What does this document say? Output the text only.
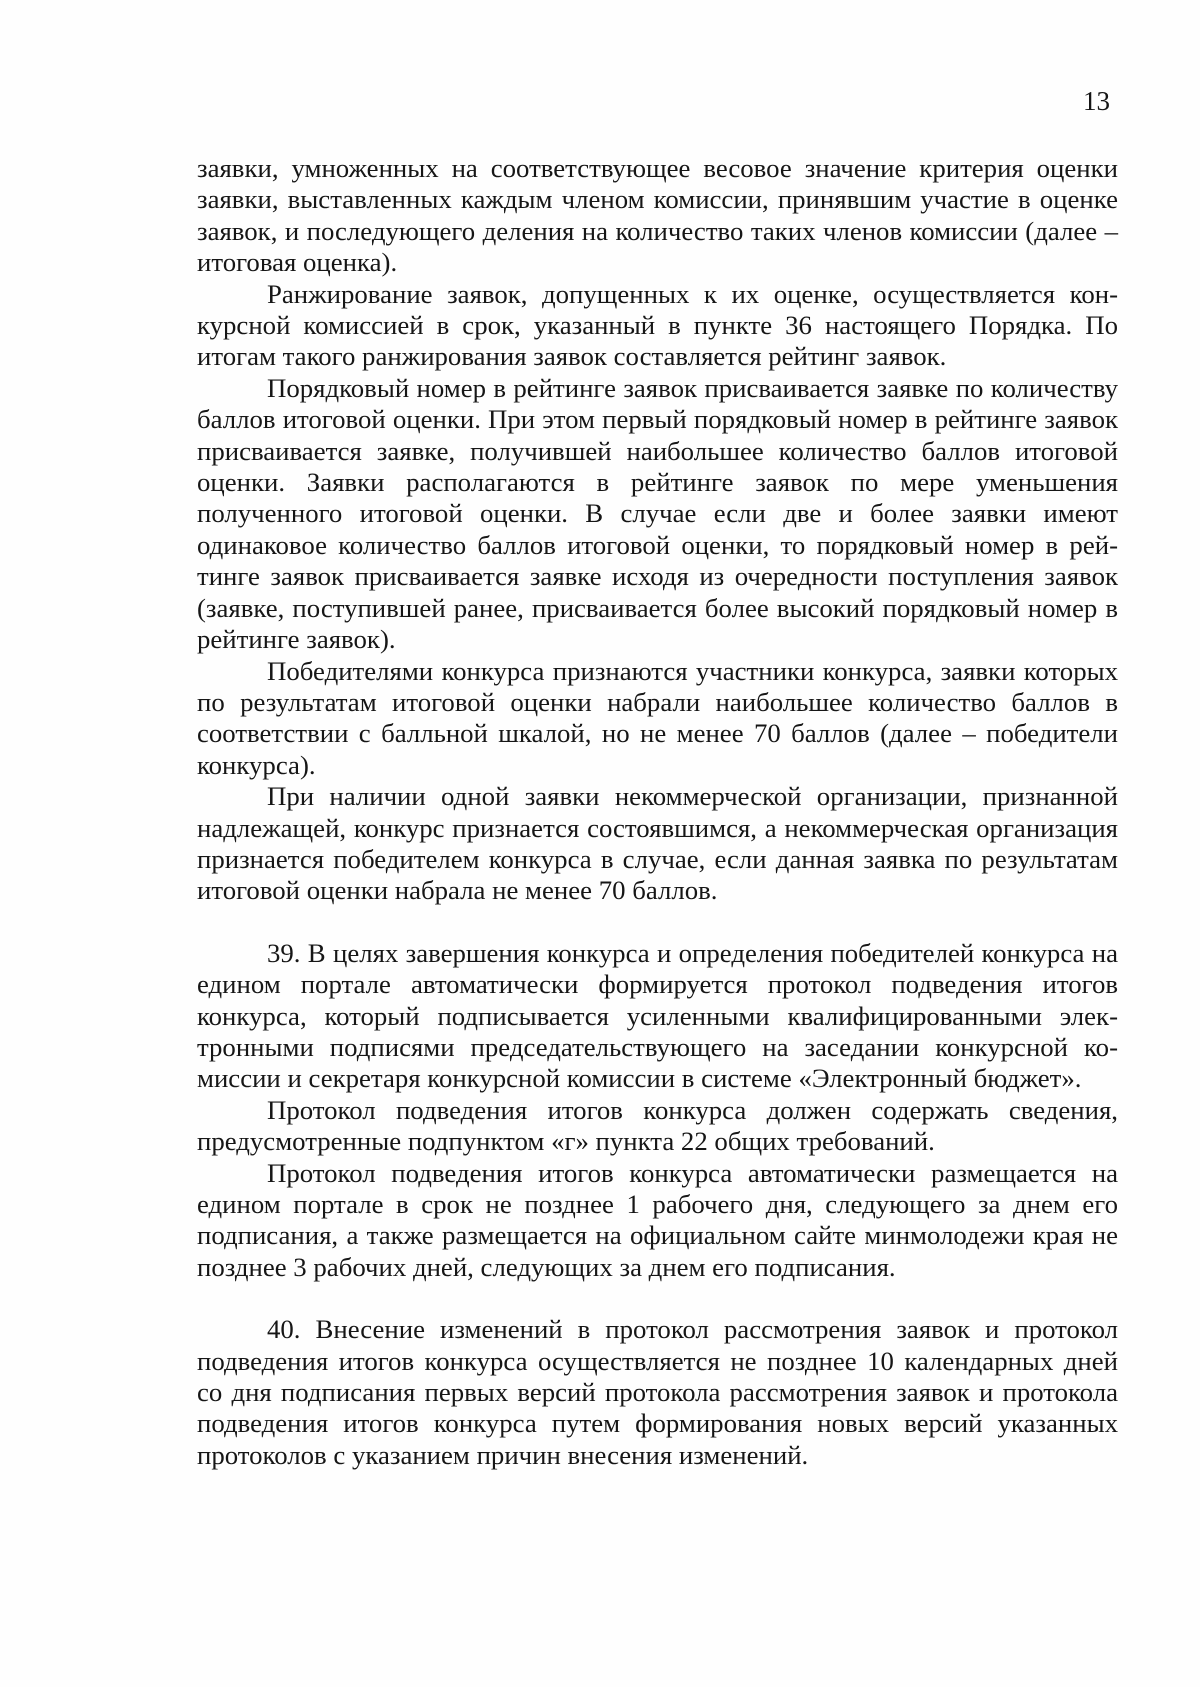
13

заявки, умноженных на соответствующее весовое значение критерия оценки заявки, выставленных каждым членом комиссии, принявшим участие в оценке заявок, и последующего деления на количество таких членов комиссии (далее – итоговая оценка).

Ранжирование заявок, допущенных к их оценке, осуществляется конкурсной комиссией в срок, указанный в пункте 36 настоящего Порядка. По итогам такого ранжирования заявок составляется рейтинг заявок.

Порядковый номер в рейтинге заявок присваивается заявке по количеству баллов итоговой оценки. При этом первый порядковый номер в рейтинге заявок присваивается заявке, получившей наибольшее количество баллов итоговой оценки. Заявки располагаются в рейтинге заявок по мере уменьшения полученного итоговой оценки. В случае если две и более заявки имеют одинаковое количество баллов итоговой оценки, то порядковый номер в рейтинге заявок присваивается заявке исходя из очередности поступления заявок (заявке, поступившей ранее, присваивается более высокий порядковый номер в рейтинге заявок).

Победителями конкурса признаются участники конкурса, заявки которых по результатам итоговой оценки набрали наибольшее количество баллов в соответствии с балльной шкалой, но не менее 70 баллов (далее – победители конкурса).

При наличии одной заявки некоммерческой организации, признанной надлежащей, конкурс признается состоявшимся, а некоммерческая организация признается победителем конкурса в случае, если данная заявка по результатам итоговой оценки набрала не менее 70 баллов.

39. В целях завершения конкурса и определения победителей конкурса на едином портале автоматически формируется протокол подведения итогов конкурса, который подписывается усиленными квалифицированными электронными подписями председательствующего на заседании конкурсной комиссии и секретаря конкурсной комиссии в системе «Электронный бюджет».

Протокол подведения итогов конкурса должен содержать сведения, предусмотренные подпунктом «г» пункта 22 общих требований.

Протокол подведения итогов конкурса автоматически размещается на едином портале в срок не позднее 1 рабочего дня, следующего за днем его подписания, а также размещается на официальном сайте минмолодежи края не позднее 3 рабочих дней, следующих за днем его подписания.

40. Внесение изменений в протокол рассмотрения заявок и протокол подведения итогов конкурса осуществляется не позднее 10 календарных дней со дня подписания первых версий протокола рассмотрения заявок и протокола подведения итогов конкурса путем формирования новых версий указанных протоколов с указанием причин внесения изменений.
